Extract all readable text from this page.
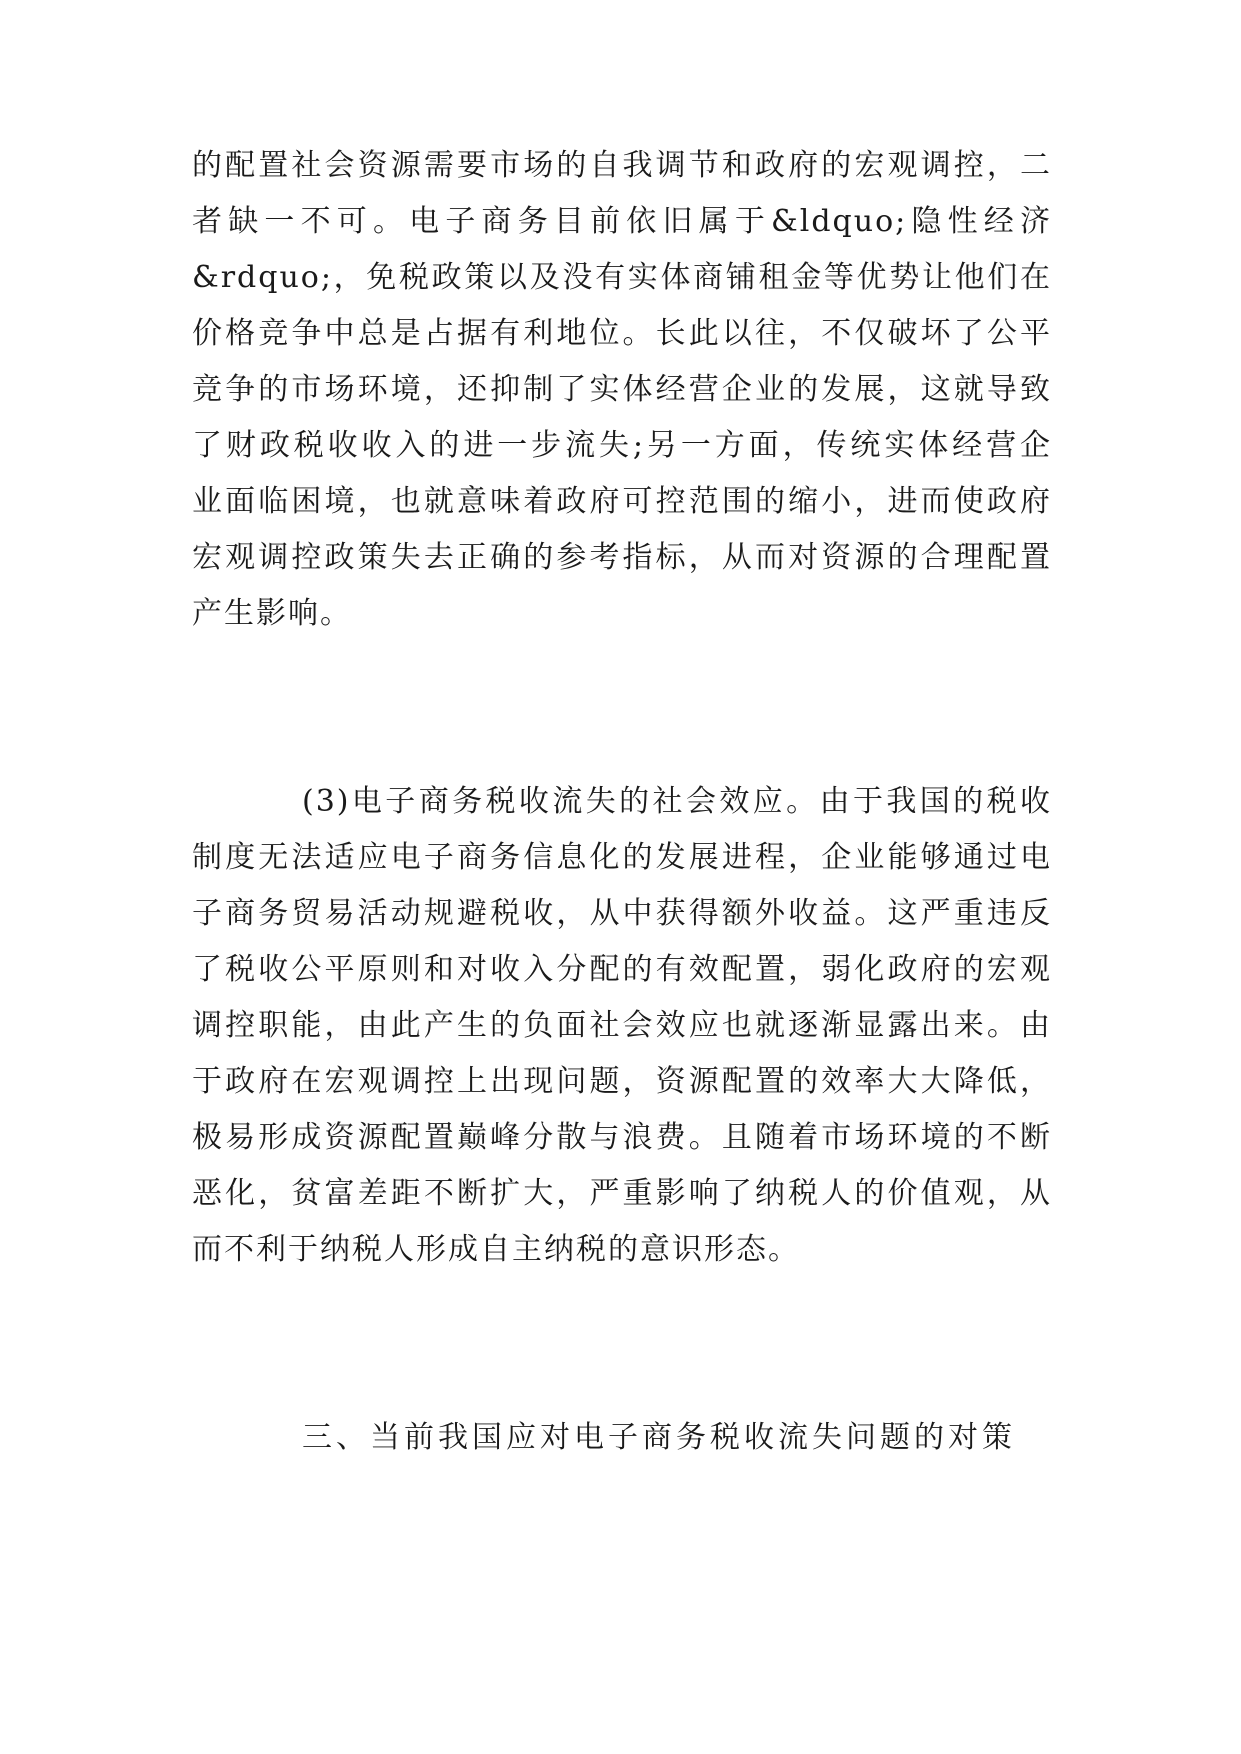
的配置社会资源需要市场的自我调节和政府的宏观调控，二
者缺一不可。电子商务目前依旧属于&ldquo;隐性经济
&rdquo;，免税政策以及没有实体商铺租金等优势让他们在
价格竞争中总是占据有利地位。长此以往，不仅破坏了公平
竞争的市场环境，还抑制了实体经营企业的发展，这就导致
了财政税收收入的进一步流失;另一方面，传统实体经营企
业面临困境，也就意味着政府可控范围的缩小，进而使政府
宏观调控政策失去正确的参考指标，从而对资源的合理配置
产生影响。
(3)电子商务税收流失的社会效应。由于我国的税收
制度无法适应电子商务信息化的发展进程，企业能够通过电
子商务贸易活动规避税收，从中获得额外收益。这严重违反
了税收公平原则和对收入分配的有效配置，弱化政府的宏观
调控职能，由此产生的负面社会效应也就逐渐显露出来。由
于政府在宏观调控上出现问题，资源配置的效率大大降低，
极易形成资源配置巅峰分散与浪费。且随着市场环境的不断
恶化，贫富差距不断扩大，严重影响了纳税人的价值观，从
而不利于纳税人形成自主纳税的意识形态。
三、当前我国应对电子商务税收流失问题的对策
